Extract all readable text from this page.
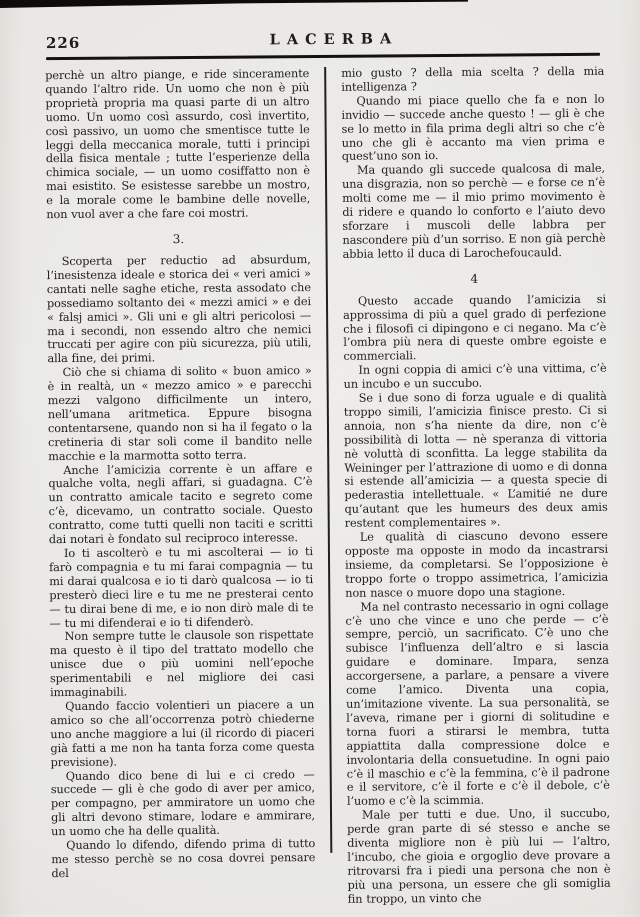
226	LACERBA

perchè un altro piange, e ride sinceramente quando l’altro ride. Un uomo che non è più proprietà propria ma quasi parte di un altro uomo. Un uomo così assurdo, così invertito, così passivo, un uomo che smentisce tutte le leggi della meccanica morale, tutti i principi della fisica mentale ; tutte l’esperienze della chimica sociale, — un uomo cosiffatto non è mai esistito. Se esistesse sarebbe un mostro, e la morale come le bambine delle novelle, non vuol aver a che fare coi mostri.

3.

Scoperta per reductio ad absurdum, l’inesistenza ideale e storica dei « veri amici » cantati nelle saghe etiche, resta assodato che possediamo soltanto dei « mezzi amici » e dei « falsj amici ». Gli uni e gli altri pericolosi — ma i secondi, non essendo altro che nemici truccati per agire con più sicurezza, più utili, alla fine, dei primi.

Ciò che si chiama di solito « buon amico » è in realtà, un « mezzo amico » e parecchi mezzi valgono difficilmente un intero, nell’umana aritmetica. Eppure bisogna contentarsene, quando non si ha il fegato o la cretineria di star soli come il bandito nelle macchie e la marmotta sotto terra.

Anche l’amicizia corrente è un affare e qualche volta, negli affari, si guadagna. C’è un contratto amicale tacito e segreto come c’è, dicevamo, un contratto sociale. Questo contratto, come tutti quelli non taciti e scritti dai notari è fondato sul reciproco interesse.

Io ti ascolterò e tu mi ascolterai — io ti farò compagnia e tu mi farai compagnia — tu mi darai qualcosa e io ti darò qualcosa — io ti presterò dieci lire e tu me ne presterai cento — tu dirai bene di me, e io non dirò male di te — tu mi difenderai e io ti difenderò.

Non sempre tutte le clausole son rispettate ma questo è il tipo del trattato modello che unisce due o più uomini nell’epoche sperimentabili e nel migliore dei casi immaginabili.

Quando faccio volentieri un piacere a un amico so che all’occorrenza potrò chiederne uno anche maggiore a lui (il ricordo di piaceri già fatti a me non ha tanta forza come questa previsione).

Quando dico bene di lui e ci credo — succede — gli è che godo di aver per amico, per compagno, per ammiratore un uomo che gli altri devono stimare, lodare e ammirare, un uomo che ha delle qualità.

Quando lo difendo, difendo prima di tutto me stesso perchè se no cosa dovrei pensare del

mio gusto ? della mia scelta ? della mia intelligenza ?

Quando mi piace quello che fa e non lo invidio — succede anche questo ! — gli è che se lo metto in fila prima degli altri so che c’è uno che gli è accanto ma vien prima e quest’uno son io.

Ma quando gli succede qualcosa di male, una disgrazia, non so perchè — e forse ce n’è molti come me — il mio primo movimento è di ridere e quando lo conforto e l’aiuto devo sforzare i muscoli delle labbra per nascondere più d’un sorriso. E non già perchè abbia letto il duca di Larochefoucauld.

4

Questo accade quando l’amicizia si approssima di più a quel grado di perfezione che i filosofi ci dipingono e ci negano. Ma c’è l’ombra più nera di queste ombre egoiste e commerciali.

In ogni coppia di amici c’è una vittima, c’è un incubo e un succubo.

Se i due sono di forza uguale e di qualità troppo simili, l’amicizia finisce presto. Ci si annoia, non s’ha niente da dire, non c’è possibilità di lotta — nè speranza di vittoria nè voluttà di sconfitta. La legge stabilita da Weininger per l’attrazione di uomo e di donna si estende all’amicizia — a questa specie di pederastia intellettuale. « L’amitié ne dure qu’autant que les humeurs des deux amis restent complementaires ».

Le qualità di ciascuno devono essere opposte ma opposte in modo da incastrarsi insieme, da completarsi. Se l’opposizione è troppo forte o troppo assimetrica, l’amicizia non nasce o muore dopo una stagione.

Ma nel contrasto necessario in ogni collage c’è uno che vince e uno che perde — c’è sempre, perciò, un sacrificato. C’è uno che subisce l’influenza dell’altro e si lascia guidare e dominare. Impara, senza accorgersene, a parlare, a pensare a vivere come l’amico. Diventa una copia, un’imitazione vivente. La sua personalità, se l’aveva, rimane per i giorni di solitudine e torna fuori a stirarsi le membra, tutta appiattita dalla compressione dolce e involontaria della consuetudine. In ogni paio c’è il maschio e c’è la femmina, c’è il padrone e il servitore, c’è il forte e c’è il debole, c’è l’uomo e c’è la scimmia.

Male per tutti e due. Uno, il succubo, perde gran parte di sé stesso e anche se diventa migliore non è più lui — l’altro, l’incubo, che gioia e orgoglio deve provare a ritrovarsi fra i piedi una persona che non è più una persona, un essere che gli somiglia fin troppo, un vinto che
